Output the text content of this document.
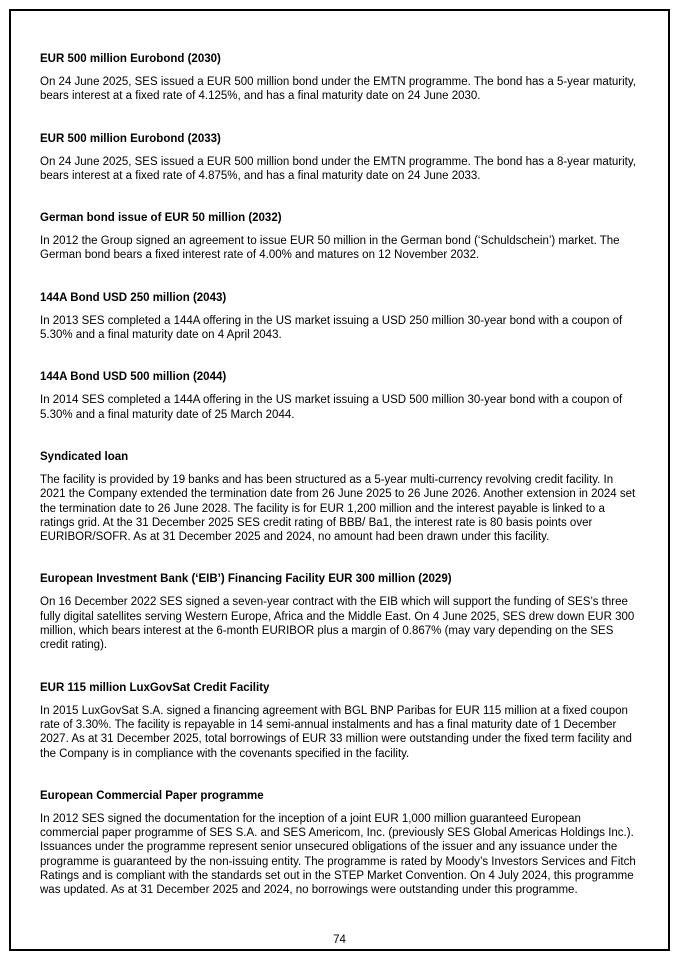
EUR 500 million Eurobond (2030)

On 24 June 2025, SES issued a EUR 500 million bond under the EMTN programme. The bond has a 5-year maturity, bears interest at a fixed rate of 4.125%, and has a final maturity date on 24 June 2030.

EUR 500 million Eurobond (2033)

On 24 June 2025, SES issued a EUR 500 million bond under the EMTN programme. The bond has a 8-year maturity, bears interest at a fixed rate of 4.875%, and has a final maturity date on 24 June 2033.

German bond issue of EUR 50 million (2032)

In 2012 the Group signed an agreement to issue EUR 50 million in the German bond (‘Schuldschein’) market. The German bond bears a fixed interest rate of 4.00% and matures on 12 November 2032.

144A Bond USD 250 million (2043)

In 2013 SES completed a 144A offering in the US market issuing a USD 250 million 30-year bond with a coupon of 5.30% and a final maturity date on 4 April 2043.

144A Bond USD 500 million (2044)

In 2014 SES completed a 144A offering in the US market issuing a USD 500 million 30-year bond with a coupon of 5.30% and a final maturity date of 25 March 2044.

Syndicated loan

The facility is provided by 19 banks and has been structured as a 5-year multi-currency revolving credit facility. In 2021 the Company extended the termination date from 26 June 2025 to 26 June 2026. Another extension in 2024 set the termination date to 26 June 2028. The facility is for EUR 1,200 million and the interest payable is linked to a ratings grid. At the 31 December 2025 SES credit rating of BBB/ Ba1, the interest rate is 80 basis points over EURIBOR/SOFR. As at 31 December 2025 and 2024, no amount had been drawn under this facility.

European Investment Bank (‘EIB’) Financing Facility EUR 300 million (2029)

On 16 December 2022 SES signed a seven-year contract with the EIB which will support the funding of SES’s three fully digital satellites serving Western Europe, Africa and the Middle East. On 4 June 2025, SES drew down EUR 300 million, which bears interest at the 6-month EURIBOR plus a margin of 0.867% (may vary depending on the SES credit rating).

EUR 115 million LuxGovSat Credit Facility

In 2015 LuxGovSat S.A. signed a financing agreement with BGL BNP Paribas for EUR 115 million at a fixed coupon rate of 3.30%. The facility is repayable in 14 semi-annual instalments and has a final maturity date of 1 December 2027. As at 31 December 2025, total borrowings of EUR 33 million were outstanding under the fixed term facility and the Company is in compliance with the covenants specified in the facility.

European Commercial Paper programme

In 2012 SES signed the documentation for the inception of a joint EUR 1,000 million guaranteed European commercial paper programme of SES S.A. and SES Americom, Inc. (previously SES Global Americas Holdings Inc.). Issuances under the programme represent senior unsecured obligations of the issuer and any issuance under the programme is guaranteed by the non-issuing entity. The programme is rated by Moody’s Investors Services and Fitch Ratings and is compliant with the standards set out in the STEP Market Convention. On 4 July 2024, this programme was updated. As at 31 December 2025 and 2024, no borrowings were outstanding under this programme.

74
